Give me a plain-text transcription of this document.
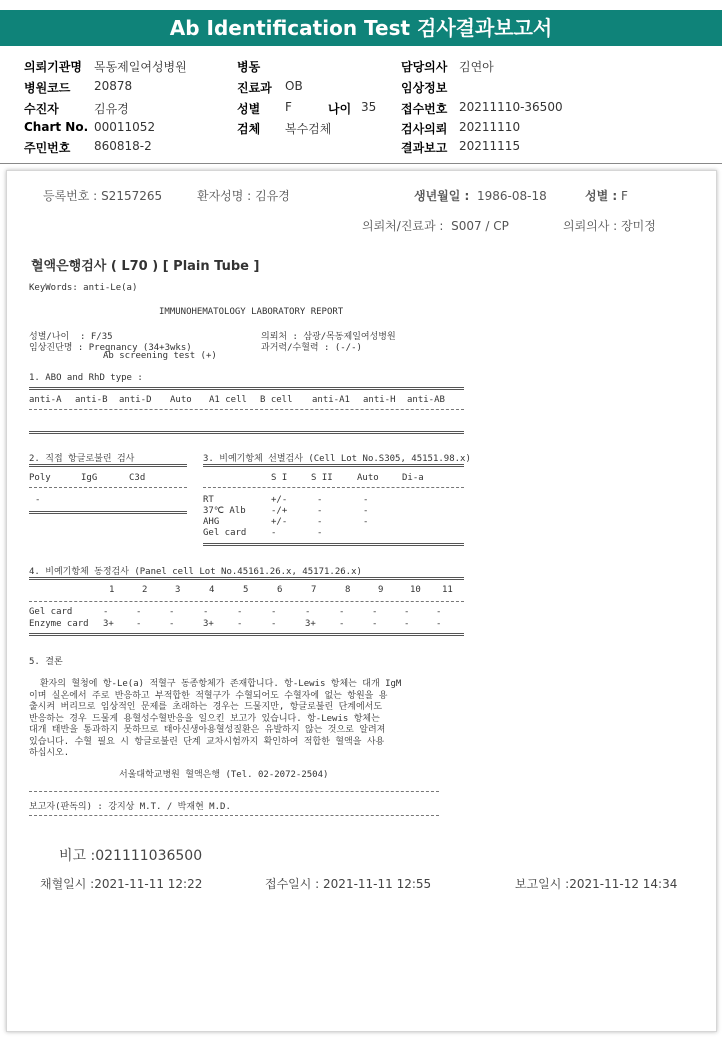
Ab Identification Test 검사결과보고서
의뢰기관명 목동제일여성병원
병원코드 20878
수진자	김유경
Chart No. 00011052
주민번호 860818-2
병동
진료과 OB
성별 F
검체 복수검체
나이 35
담당의사 김연아
임상정보
접수번호 20211110-36500
검사의뢰 20211110
결과보고 20211115
등록번호 : S2157265	환자성명 : 김유경	생년월일 : 1986-08-18	성별 : F
의뢰처/진료과 : S007 / CP	의뢰의사 : 장미정
혈액은행검사 ( L70 ) [ Plain Tube ]
KeyWords: anti-Le(a)
IMMUNOHEMATOLOGY LABORATORY REPORT
성별/나이  : F/35
임상진단명 : Pregnancy (34+3wks)
Ab screening test (+)
의뢰처 : 삼광/목동제일여성병원
과거력/수혈력 : (-/-)
1. ABO and RhD type :
anti-A anti-B anti-D Auto A1 cell B cell anti-A1 anti-H anti-AB
2. 직접 항글로불린 검사
Poly	IgG	C3d
-
3. 비예기항체 선별검사 (Cell Lot No.S305, 45151.98.x)
S I	S II	Auto	Di-a
RT	+/-	-	-
37℃ Alb	-/+	-	-
AHG	+/-	-	-
Gel card	-	-
4. 비예기항체 동정검사 (Panel cell Lot No.45161.26.x, 45171.26.x)
1	2	3	4	5	6	7	8	9	10 11
Gel card	-	-	-	-	-	-	-	-	-	-	-
Enzyme card 3+ -	-	3+	-	-	3+	-	-	-	-
5. 결론
환자의 혈청에 항-Le(a) 적혈구 동종항체가 존재합니다. 항-Lewis 항체는 대개 IgM
이며 실온에서 주로 반응하고 부적합한 적혈구가 수혈되어도 수혈자에 없는 항원을 용
출시켜 버리므로 임상적인 문제를 초래하는 경우는 드물지만, 항글로불린 단계에서도
반응하는 경우 드물게 용혈성수혈반응을 일으킨 보고가 있습니다. 항-Lewis 항체는
대개 태반을 통과하지 못하므로 태아신생아용혈성질환은 유발하지 않는 것으로 알려져
있습니다. 수혈 필요 시 항글로불린 단계 교차시험까지 확인하여 적합한 혈액을 사용
하십시오.
서울대학교병원 혈액은행 (Tel. 02-2072-2504)
보고자(판독의) : 강지상 M.T. / 박재현 M.D.
비고 :021111036500
채혈일시 :2021-11-11 12:22	접수일시 : 2021-11-11 12:55	보고일시 :2021-11-12 14:34
